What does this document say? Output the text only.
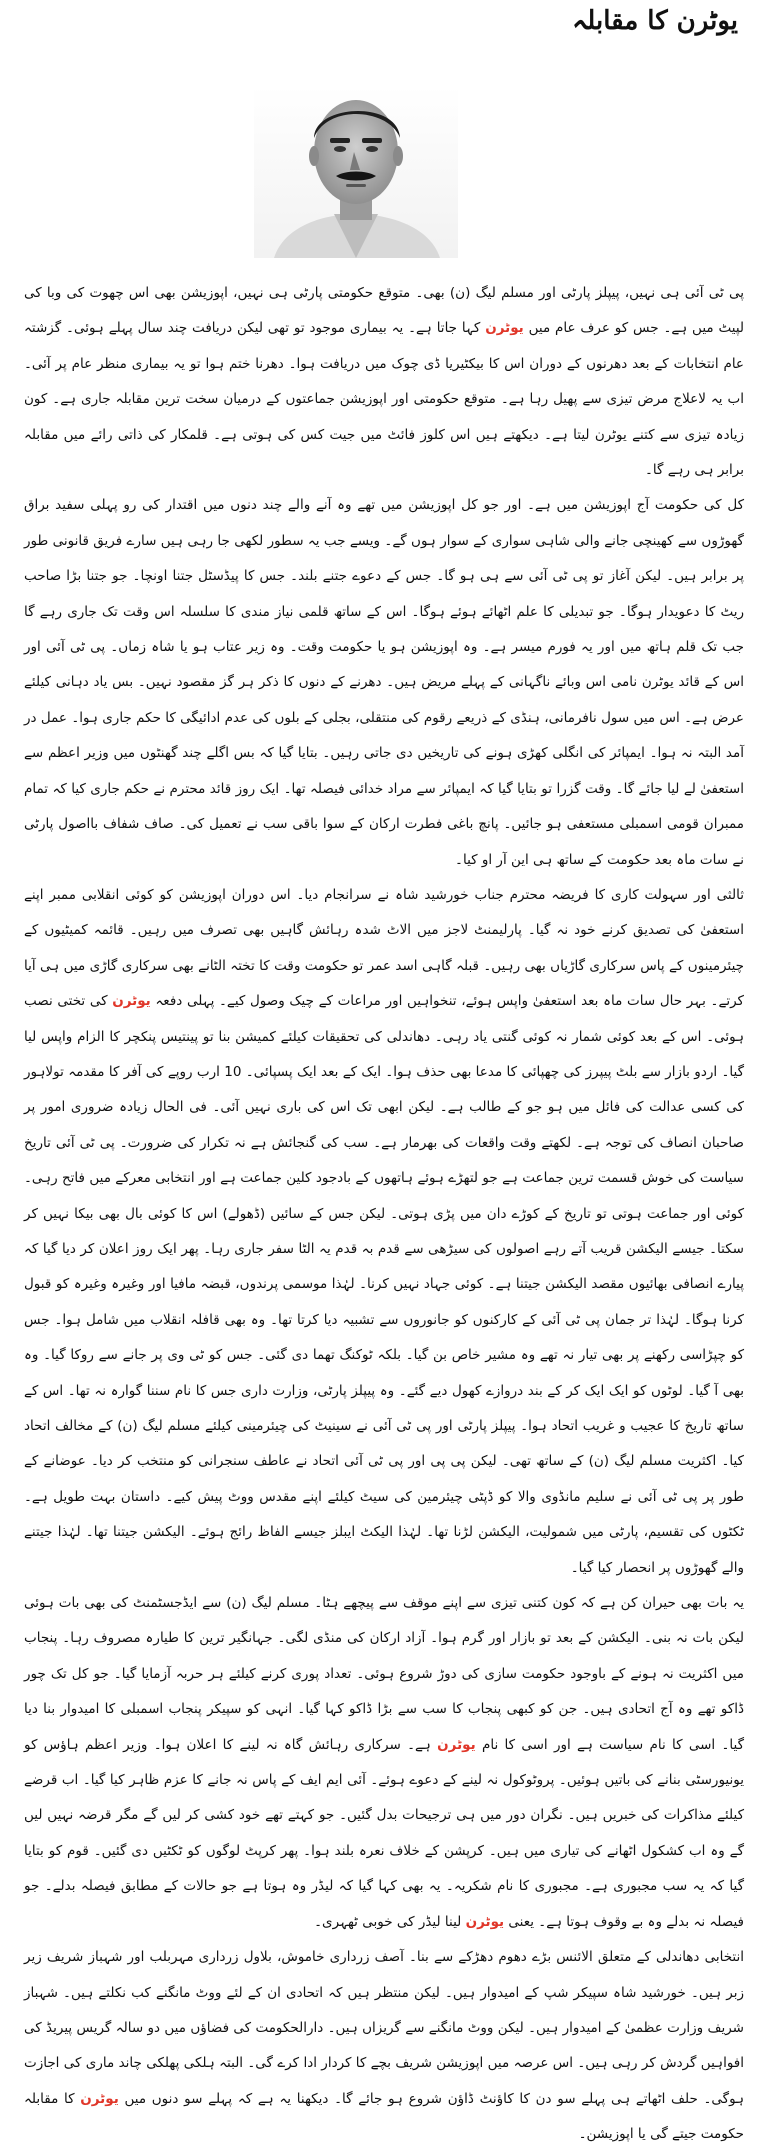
یوٹرن کا مقابلہ

پی ٹی آئی ہی نہیں، پیپلز پارٹی اور مسلم لیگ (ن) بھی۔ متوقع حکومتی پارٹی ہی نہیں، اپوزیشن بھی اس چھوت کی وبا کی لپیٹ میں ہے۔ جس کو عرف عام میں یوٹرن کہا جاتا ہے۔ یہ بیماری موجود تو تھی لیکن دریافت چند سال پہلے ہوئی۔ گزشتہ عام انتخابات کے بعد دھرنوں کے دوران اس کا بیکٹیریا ڈی چوک میں دریافت ہوا۔ دھرنا ختم ہوا تو یہ بیماری منظر عام پر آئی۔ اب یہ لاعلاج مرض تیزی سے پھیل رہا ہے۔ متوقع حکومتی اور اپوزیشن جماعتوں کے درمیان سخت ترین مقابلہ جاری ہے۔ کون زیادہ تیزی سے کتنے یوٹرن لیتا ہے۔ دیکھتے ہیں اس کلوز فائٹ میں جیت کس کی ہوتی ہے۔ قلمکار کی ذاتی رائے میں مقابلہ برابر ہی رہے گا۔

کل کی حکومت آج اپوزیشن میں ہے۔ اور جو کل اپوزیشن میں تھے وہ آنے والے چند دنوں میں اقتدار کی رو پہلی سفید براق گھوڑوں سے کھینچی جانے والی شاہی سواری کے سوار ہوں گے۔ ویسے جب یہ سطور لکھی جا رہی ہیں سارے فریق قانونی طور پر برابر ہیں۔ لیکن آغاز تو پی ٹی آئی سے ہی ہو گا۔ جس کے دعوے جتنے بلند۔ جس کا پیڈسٹل جتنا اونچا۔ جو جتنا بڑا صاحب ریٹ کا دعویدار ہوگا۔ جو تبدیلی کا علم اٹھائے ہوئے ہوگا۔ اس کے ساتھ قلمی نیاز مندی کا سلسلہ اس وقت تک جاری رہے گا جب تک قلم ہاتھ میں اور یہ فورم میسر ہے۔ وہ اپوزیشن ہو یا حکومت وقت۔ وہ زیر عتاب ہو یا شاہ زماں۔ پی ٹی آئی اور اس کے قائد یوٹرن نامی اس وبائے ناگہانی کے پہلے مریض ہیں۔ دھرنے کے دنوں کا ذکر ہر گز مقصود نہیں۔ بس یاد دہانی کیلئے عرض ہے۔ اس میں سول نافرمانی، ہنڈی کے ذریعے رقوم کی منتقلی، بجلی کے بلوں کی عدم ادائیگی کا حکم جاری ہوا۔ عمل در آمد البتہ نہ ہوا۔ ایمپائر کی انگلی کھڑی ہونے کی تاریخیں دی جاتی رہیں۔ بتایا گیا کہ بس اگلے چند گھنٹوں میں وزیر اعظم سے استعفیٰ لے لیا جائے گا۔ وقت گزرا تو بتایا گیا کہ ایمپائر سے مراد خدائی فیصلہ تھا۔ ایک روز قائد محترم نے حکم جاری کیا کہ تمام ممبران قومی اسمبلی مستعفی ہو جائیں۔ پانچ باغی فطرت ارکان کے سوا باقی سب نے تعمیل کی۔ صاف شفاف بااصول پارٹی نے سات ماہ بعد حکومت کے ساتھ ہی این آر او کیا۔

ثالثی اور سہولت کاری کا فریضہ محترم جناب خورشید شاہ نے سرانجام دیا۔ اس دوران اپوزیشن کو کوئی انقلابی ممبر اپنے استعفیٰ کی تصدیق کرنے خود نہ گیا۔ پارلیمنٹ لاجز میں الاٹ شدہ رہائش گاہیں بھی تصرف میں رہیں۔ قائمہ کمیٹیوں کے چیئرمینوں کے پاس سرکاری گاڑیاں بھی رہیں۔ قبلہ گاہی اسد عمر تو حکومت وقت کا تختہ الٹانے بھی سرکاری گاڑی میں ہی آیا کرتے۔ بہر حال سات ماہ بعد استعفیٰ واپس ہوئے، تنخواہیں اور مراعات کے چیک وصول کیے۔ پہلی دفعہ یوٹرن کی تختی نصب ہوئی۔ اس کے بعد کوئی شمار نہ کوئی گنتی یاد رہی۔ دھاندلی کی تحقیقات کیلئے کمیشن بنا تو پینتیس پنکچر کا الزام واپس لیا گیا۔ اردو بازار سے بلٹ پیپرز کی چھپائی کا مدعا بھی حذف ہوا۔ ایک کے بعد ایک پسپائی۔ 10 ارب روپے کی آفر کا مقدمہ تولاہور کی کسی عدالت کی فائل میں ہو جو کے طالب ہے۔ لیکن ابھی تک اس کی باری نہیں آئی۔ فی الحال زیادہ ضروری امور پر صاحبان انصاف کی توجہ ہے۔ لکھتے وقت واقعات کی بھرمار ہے۔ سب کی گنجائش ہے نہ تکرار کی ضرورت۔ پی ٹی آئی تاریخ سیاست کی خوش قسمت ترین جماعت ہے جو لتھڑے ہوئے ہاتھوں کے بادجود کلین جماعت ہے اور انتخابی معرکے میں فاتح رہی۔ کوئی اور جماعت ہوتی تو تاریخ کے کوڑے دان میں پڑی ہوتی۔ لیکن جس کے سائیں (ڈھولے) اس کا کوئی بال بھی بیکا نہیں کر سکتا۔ جیسے الیکشن قریب آتے رہے اصولوں کی سیڑھی سے قدم بہ قدم یہ الٹا سفر جاری رہا۔ پھر ایک روز اعلان کر دیا گیا کہ پیارے انصافی بھائیوں مقصد الیکشن جیتنا ہے۔ کوئی جہاد نہیں کرنا۔ لہٰذا موسمی پرندوں، قبضہ مافیا اور وغیرہ وغیرہ کو قبول کرنا ہوگا۔ لہٰذا تر جمان پی ٹی آئی کے کارکنوں کو جانوروں سے تشبیہ دیا کرتا تھا۔ وہ بھی قافلہ انقلاب میں شامل ہوا۔ جس کو چپڑاسی رکھنے پر بھی تیار نہ تھے وہ مشیر خاص بن گیا۔ بلکہ ٹوکنگ تھما دی گئی۔ جس کو ٹی وی پر جانے سے روکا گیا۔ وہ بھی آ گیا۔ لوٹوں کو ایک ایک کر کے بند دروازے کھول دیے گئے۔ وہ پیپلز پارٹی، وزارت داری جس کا نام سننا گوارہ نہ تھا۔ اس کے ساتھ تاریخ کا عجیب و غریب اتحاد ہوا۔ پیپلز پارٹی اور پی ٹی آئی نے سینیٹ کی چیئرمینی کیلئے مسلم لیگ (ن) کے مخالف اتحاد کیا۔ اکثریت مسلم لیگ (ن) کے ساتھ تھی۔ لیکن پی پی اور پی ٹی آئی اتحاد نے عاطف سنجرانی کو منتخب کر دیا۔ عوضانے کے طور پر پی ٹی آئی نے سلیم مانڈوی والا کو ڈپٹی چیئرمین کی سیٹ کیلئے اپنے مقدس ووٹ پیش کیے۔ داستان بہت طویل ہے۔ ٹکٹوں کی تقسیم، پارٹی میں شمولیت، الیکشن لڑنا تھا۔ لہٰذا الیکٹ ایبلز جیسے الفاظ رائج ہوئے۔ الیکشن جیتنا تھا۔ لہٰذا جیتنے والے گھوڑوں پر انحصار کیا گیا۔

یہ بات بھی حیران کن ہے کہ کون کتنی تیزی سے اپنے موقف سے پیچھے ہٹا۔ مسلم لیگ (ن) سے ایڈجسٹمنٹ کی بھی بات ہوئی لیکن بات نہ بنی۔ الیکشن کے بعد تو بازار اور گرم ہوا۔ آزاد ارکان کی منڈی لگی۔ جہانگیر ترین کا طیارہ مصروف رہا۔ پنجاب میں اکثریت نہ ہونے کے باوجود حکومت سازی کی دوڑ شروع ہوئی۔ تعداد پوری کرنے کیلئے ہر حربہ آزمایا گیا۔ جو کل تک چور ڈاکو تھے وہ آج اتحادی ہیں۔ جن کو کبھی پنجاب کا سب سے بڑا ڈاکو کہا گیا۔ انہی کو سپیکر پنجاب اسمبلی کا امیدوار بنا دیا گیا۔ اسی کا نام سیاست ہے اور اسی کا نام یوٹرن ہے۔ سرکاری رہائش گاہ نہ لینے کا اعلان ہوا۔ وزیر اعظم ہاؤس کو یونیورسٹی بنانے کی باتیں ہوئیں۔ پروٹوکول نہ لینے کے دعوے ہوئے۔ آئی ایم ایف کے پاس نہ جانے کا عزم ظاہر کیا گیا۔ اب قرضے کیلئے مذاکرات کی خبریں ہیں۔ نگران دور میں ہی ترجیحات بدل گئیں۔ جو کہتے تھے خود کشی کر لیں گے مگر قرضہ نہیں لیں گے وہ اب کشکول اٹھانے کی تیاری میں ہیں۔ کرپشن کے خلاف نعرہ بلند ہوا۔ پھر کرپٹ لوگوں کو ٹکٹیں دی گئیں۔ قوم کو بتایا گیا کہ یہ سب مجبوری ہے۔ مجبوری کا نام شکریہ۔ یہ بھی کہا گیا کہ لیڈر وہ ہوتا ہے جو حالات کے مطابق فیصلہ بدلے۔ جو فیصلہ نہ بدلے وہ بے وقوف ہوتا ہے۔ یعنی یوٹرن لینا لیڈر کی خوبی ٹھہری۔

انتخابی دھاندلی کے متعلق الائنس بڑے دھوم دھڑکے سے بنا۔ آصف زرداری خاموش، بلاول زرداری مہربلب اور شہباز شریف زیر زبر ہیں۔ خورشید شاہ سپیکر شپ کے امیدوار ہیں۔ لیکن منتظر ہیں کہ اتحادی ان کے لئے ووٹ مانگنے کب نکلتے ہیں۔ شہباز شریف وزارت عظمیٰ کے امیدوار ہیں۔ لیکن ووٹ مانگنے سے گریزاں ہیں۔ دارالحکومت کی فضاؤں میں دو سالہ گریس پیریڈ کی افواہیں گردش کر رہی ہیں۔ اس عرصہ میں اپوزیشن شریف بچے کا کردار ادا کرے گی۔ البتہ ہلکی پھلکی چاند ماری کی اجازت ہوگی۔ حلف اٹھاتے ہی پہلے سو دن کا کاؤنٹ ڈاؤن شروع ہو جائے گا۔ دیکھنا یہ ہے کہ پہلے سو دنوں میں یوٹرن کا مقابلہ حکومت جیتے گی یا اپوزیشن۔
